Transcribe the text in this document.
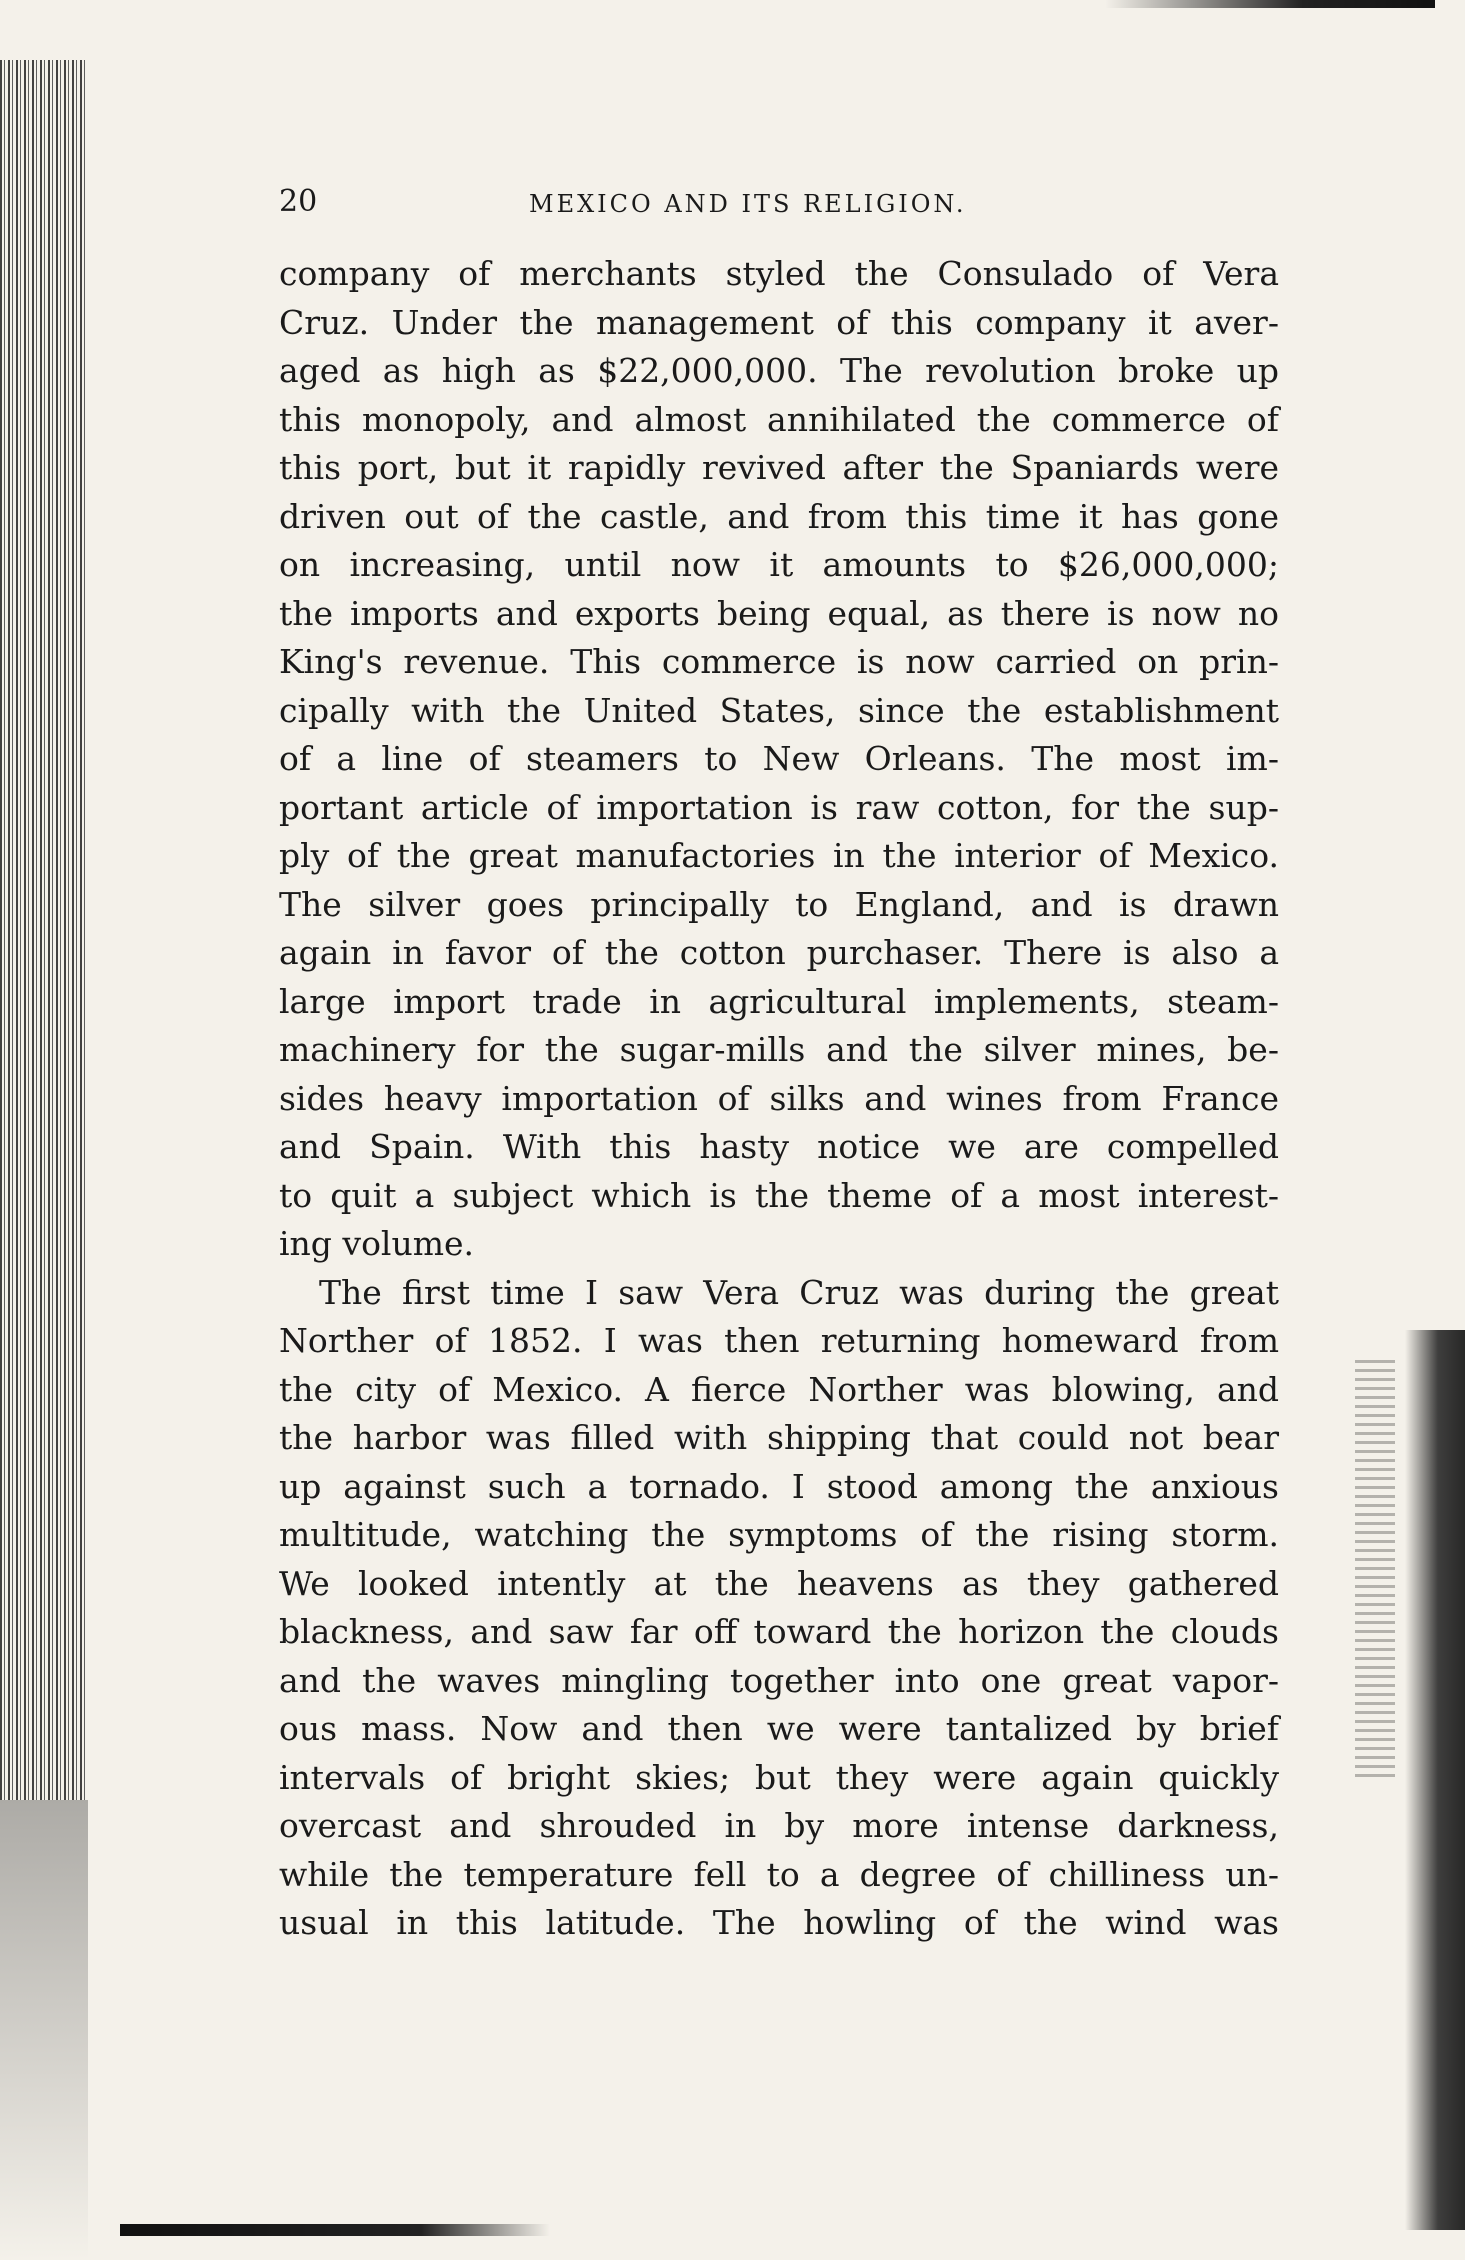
20	MEXICO AND ITS RELIGION.
company of merchants styled the Consulado of Vera
Cruz. Under the management of this company it aver-
aged as high as $22,000,000. The revolution broke up
this monopoly, and almost annihilated the commerce of
this port, but it rapidly revived after the Spaniards were
driven out of the castle, and from this time it has gone
on increasing, until now it amounts to $26,000,000;
the imports and exports being equal, as there is now no
King's revenue. This commerce is now carried on prin-
cipally with the United States, since the establishment
of a line of steamers to New Orleans. The most im-
portant article of importation is raw cotton, for the sup-
ply of the great manufactories in the interior of Mexico.
The silver goes principally to England, and is drawn
again in favor of the cotton purchaser. There is also a
large import trade in agricultural implements, steam-
machinery for the sugar-mills and the silver mines, be-
sides heavy importation of silks and wines from France
and Spain. With this hasty notice we are compelled
to quit a subject which is the theme of a most interest-
ing volume.
The first time I saw Vera Cruz was during the great
Norther of 1852. I was then returning homeward from
the city of Mexico. A fierce Norther was blowing, and
the harbor was filled with shipping that could not bear
up against such a tornado. I stood among the anxious
multitude, watching the symptoms of the rising storm.
We looked intently at the heavens as they gathered
blackness, and saw far off toward the horizon the clouds
and the waves mingling together into one great vapor-
ous mass. Now and then we were tantalized by brief
intervals of bright skies; but they were again quickly
overcast and shrouded in by more intense darkness,
while the temperature fell to a degree of chilliness un-
usual in this latitude. The howling of the wind was
